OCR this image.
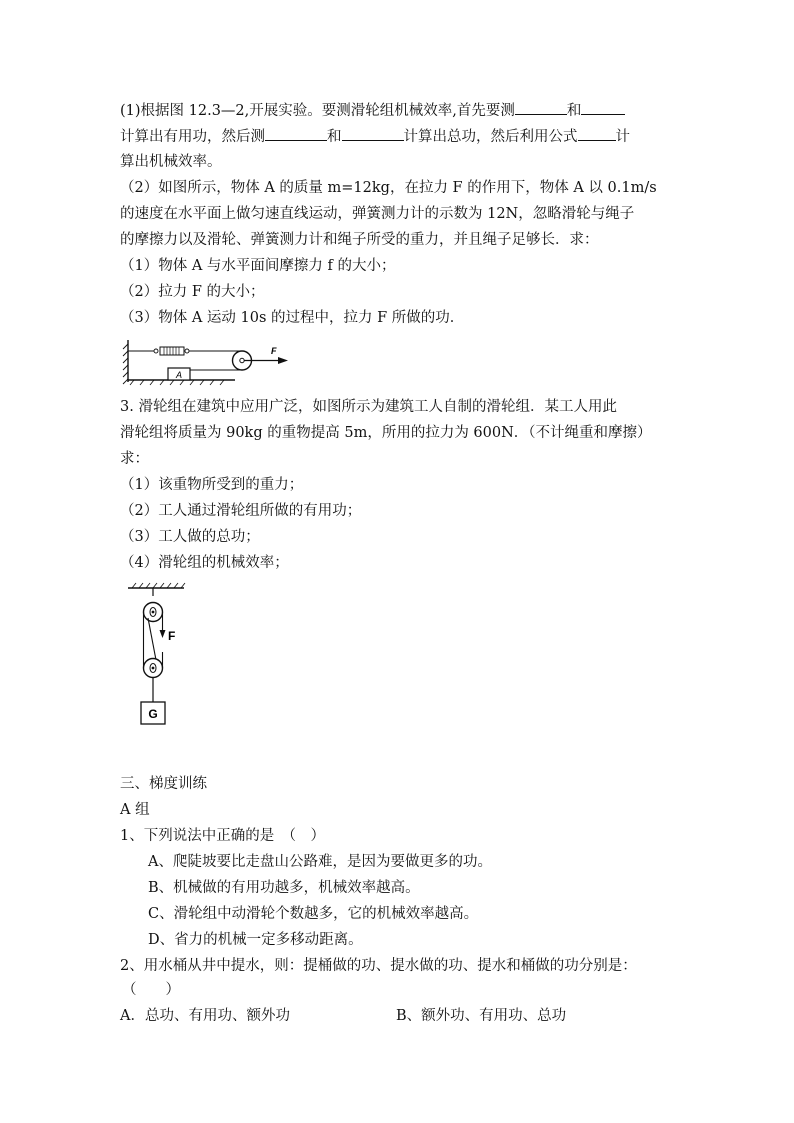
(1)根据图 12.3—2,开展实验。要测滑轮组机械效率,首先要测	和
计算出有用功，然后测	和	计算出总功，然后利用公式	计
算出机械效率。
（2）如图所示，物体 A 的质量 m=12kg，在拉力 F 的作用下，物体 A 以 0.1m/s
的速度在水平面上做匀速直线运动，弹簧测力计的示数为 12N，忽略滑轮与绳子
的摩擦力以及滑轮、弹簧测力计和绳子所受的重力，并且绳子足够长．求：
（1）物体 A 与水平面间摩擦力 f 的大小；
（2）拉力 F 的大小；
（3）物体 A 运动 10s 的过程中，拉力 F 所做的功．
A
F
3. 滑轮组在建筑中应用广泛，如图所示为建筑工人自制的滑轮组．某工人用此
滑轮组将质量为 90kg 的重物提高 5m，所用的拉力为 600N．（不计绳重和摩擦）
求：
（1）该重物所受到的重力；
（2）工人通过滑轮组所做的有用功；
（3）工人做的总功；
（4）滑轮组的机械效率；
F
G
三、梯度训练
A 组
1、下列说法中正确的是　（　）
A、爬陡坡要比走盘山公路难，是因为要做更多的功。
B、机械做的有用功越多，机械效率越高。
C、滑轮组中动滑轮个数越多，它的机械效率越高。
D、省力的机械一定多移动距离。
2、用水桶从井中提水，则：提桶做的功、提水做的功、提水和桶做的功分别是：
（　　）
A．总功、有用功、额外功	B、额外功、有用功、总功
